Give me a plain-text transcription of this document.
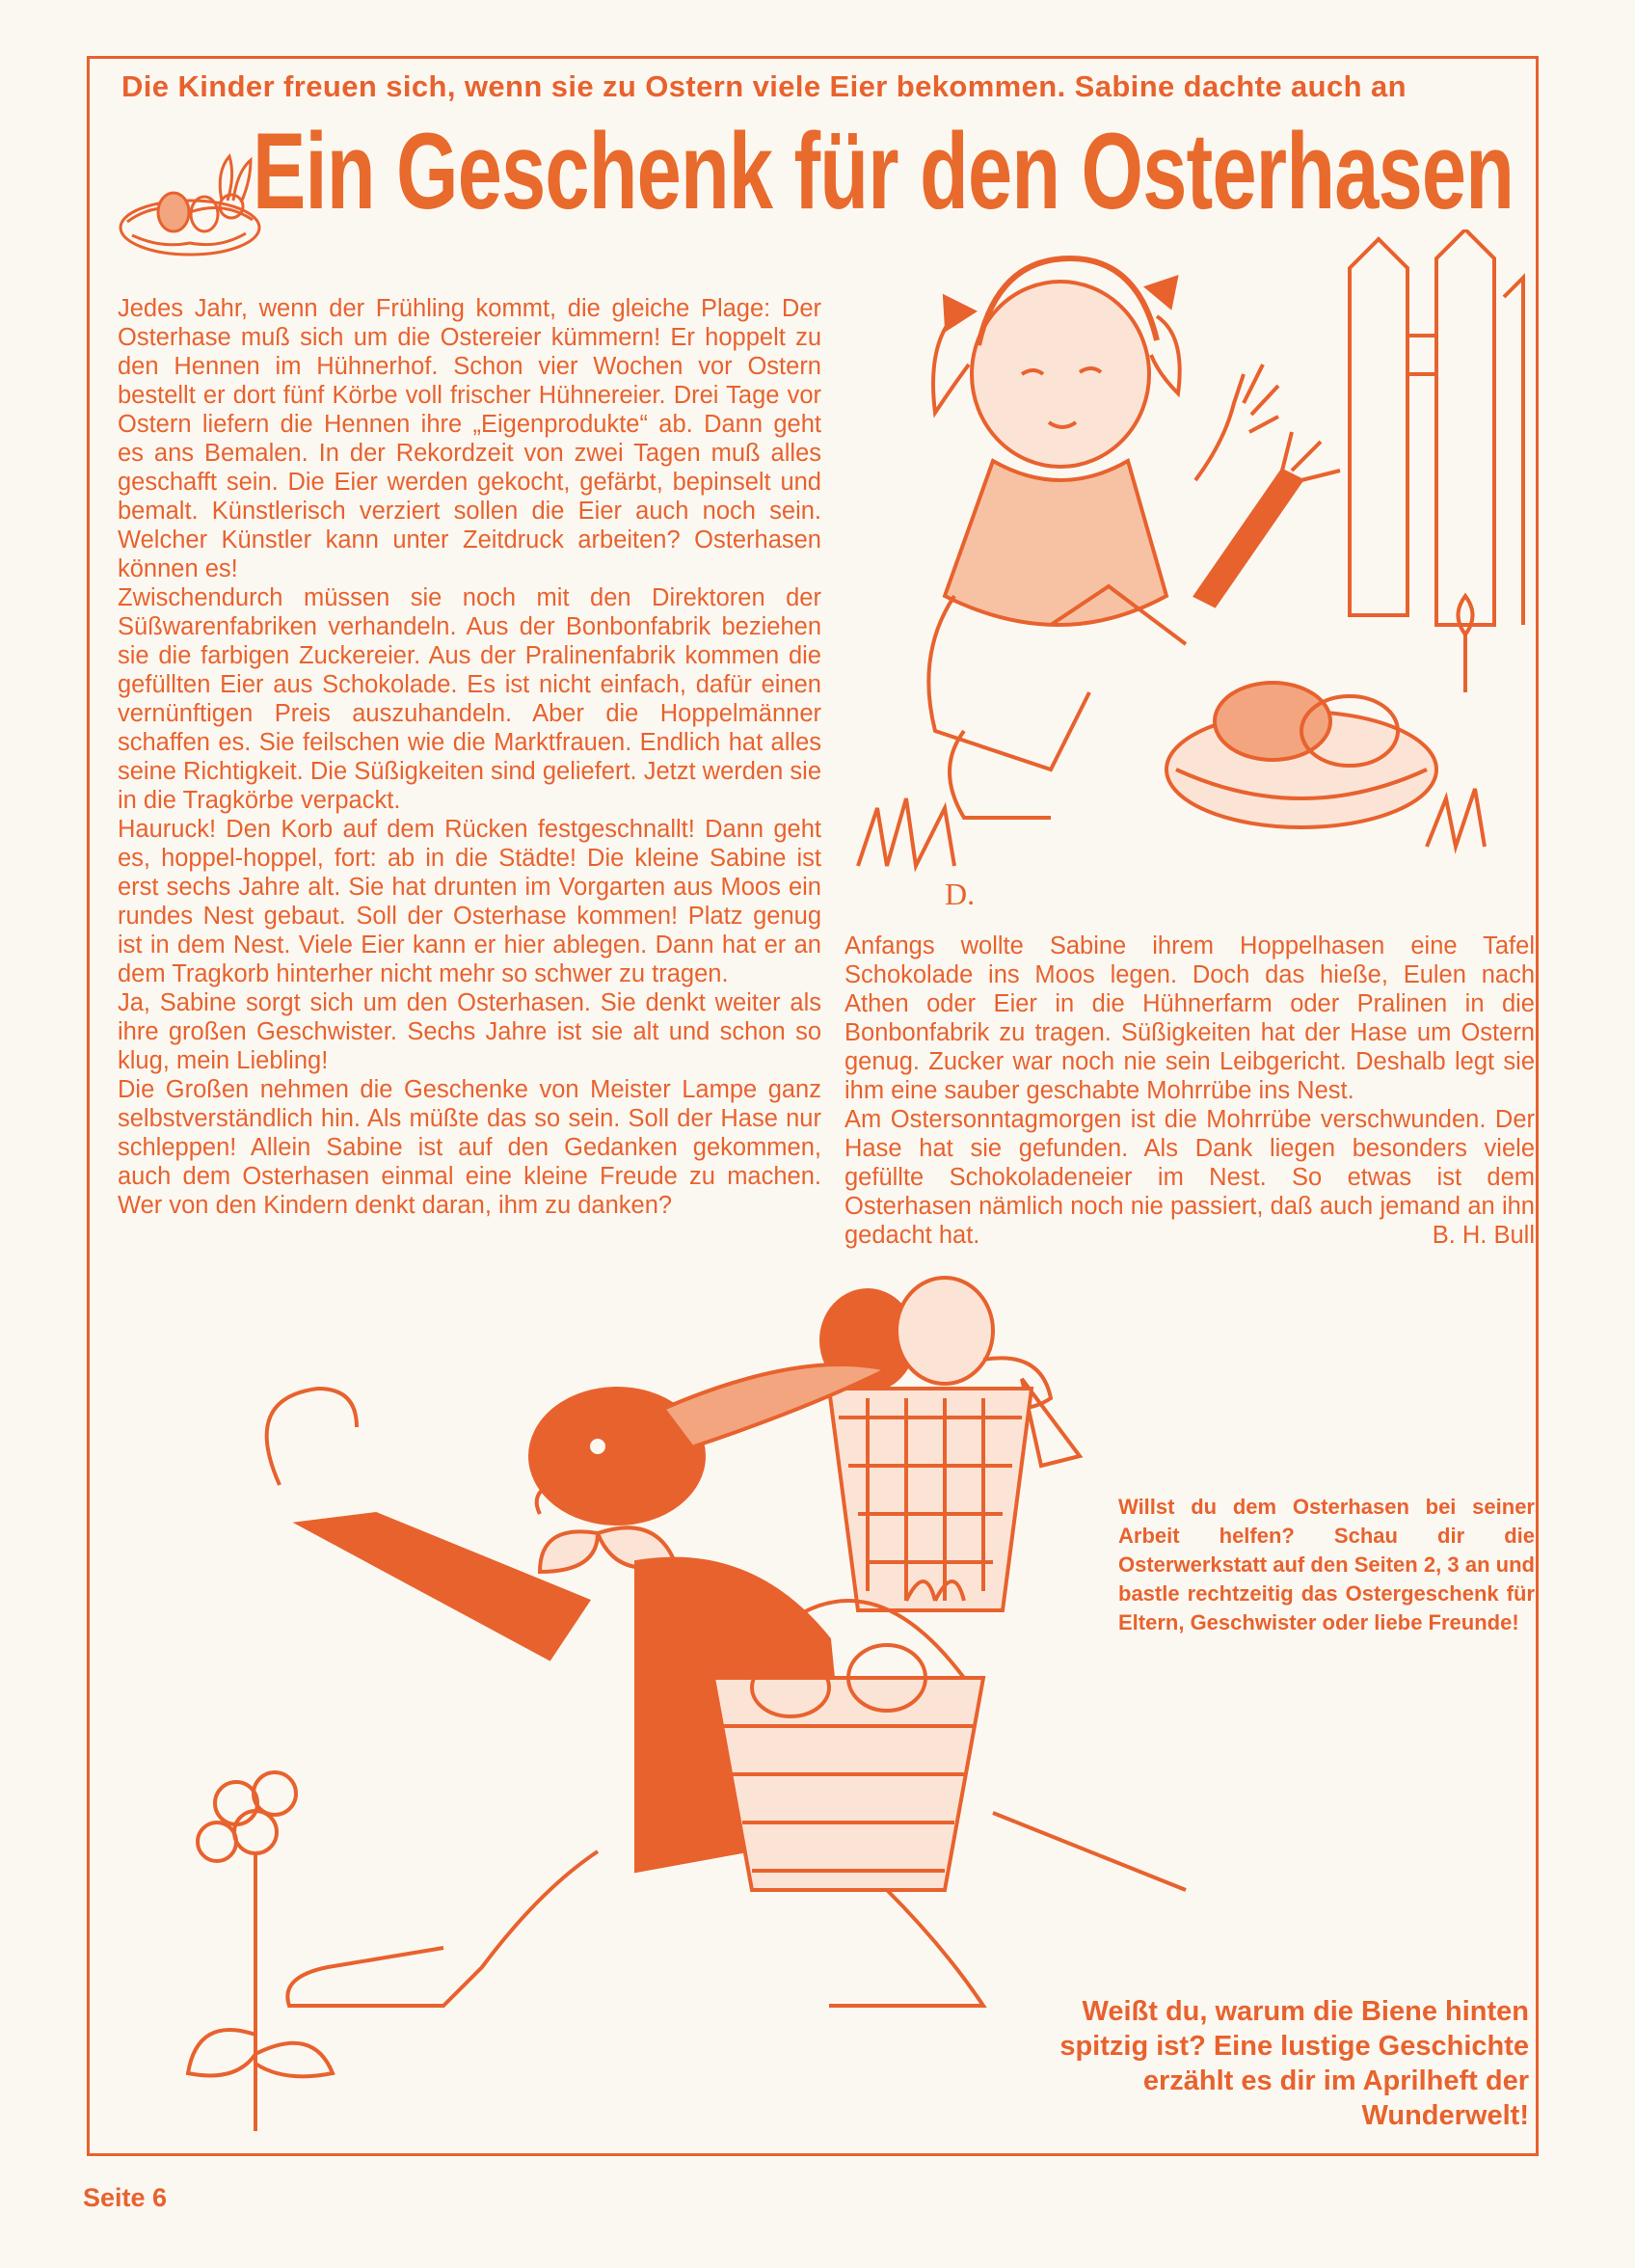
Die Kinder freuen sich, wenn sie zu Ostern viele Eier bekommen. Sabine dachte auch an
Ein Geschenk für den Osterhasen
D.

Jedes Jahr, wenn der Frühling kommt, die gleiche Plage: Der Osterhase muß sich um die Ostereier kümmern! Er hoppelt zu den Hennen im Hühnerhof. Schon vier Wochen vor Ostern bestellt er dort fünf Körbe voll frischer Hühnereier. Drei Tage vor Ostern liefern die Hennen ihre „Eigenprodukte“ ab. Dann geht es ans Bemalen. In der Rekordzeit von zwei Tagen muß alles geschafft sein. Die Eier werden gekocht, gefärbt, bepinselt und bemalt. Künstlerisch verziert sollen die Eier auch noch sein. Welcher Künstler kann unter Zeitdruck arbeiten? Osterhasen können es!

Zwischendurch müssen sie noch mit den Direktoren der Süßwarenfabriken verhandeln. Aus der Bonbonfabrik beziehen sie die farbigen Zuckereier. Aus der Pralinenfabrik kommen die gefüllten Eier aus Schokolade. Es ist nicht einfach, dafür einen vernünftigen Preis auszuhandeln. Aber die Hoppelmänner schaffen es. Sie feilschen wie die Marktfrauen. Endlich hat alles seine Richtigkeit. Die Süßigkeiten sind geliefert. Jetzt werden sie in die Tragkörbe verpackt.

Hauruck! Den Korb auf dem Rücken festgeschnallt! Dann geht es, hoppel-hoppel, fort: ab in die Städte! Die kleine Sabine ist erst sechs Jahre alt. Sie hat drunten im Vorgarten aus Moos ein rundes Nest gebaut. Soll der Osterhase kommen! Platz genug ist in dem Nest. Viele Eier kann er hier ablegen. Dann hat er an dem Tragkorb hinterher nicht mehr so schwer zu tragen.

Ja, Sabine sorgt sich um den Osterhasen. Sie denkt weiter als ihre großen Geschwister. Sechs Jahre ist sie alt und schon so klug, mein Liebling!

Die Großen nehmen die Geschenke von Meister Lampe ganz selbstverständlich hin. Als müßte das so sein. Soll der Hase nur schleppen! Allein Sabine ist auf den Gedanken gekommen, auch dem Osterhasen einmal eine kleine Freude zu machen. Wer von den Kindern denkt daran, ihm zu danken?

Anfangs wollte Sabine ihrem Hoppelhasen eine Tafel Schokolade ins Moos legen. Doch das hieße, Eulen nach Athen oder Eier in die Hühnerfarm oder Pralinen in die Bonbonfabrik zu tragen. Süßigkeiten hat der Hase um Ostern genug. Zucker war noch nie sein Leibgericht. Deshalb legt sie ihm eine sauber geschabte Mohrrübe ins Nest.

Am Ostersonntagmorgen ist die Mohrrübe verschwunden. Der Hase hat sie gefunden. Als Dank liegen besonders viele gefüllte Schokoladeneier im Nest. So etwas ist dem Osterhasen nämlich noch nie passiert, daß auch jemand an ihn gedacht hat.	B. H. Bull

Willst du dem Osterhasen bei seiner Arbeit helfen? Schau dir die Osterwerkstatt auf den Seiten 2, 3 an und bastle rechtzeitig das Ostergeschenk für Eltern, Geschwister oder liebe Freunde!
Weißt du, warum die Biene hinten spitzig ist? Eine lustige Geschichte erzählt es dir im Aprilheft der Wunderwelt!
Seite 6
